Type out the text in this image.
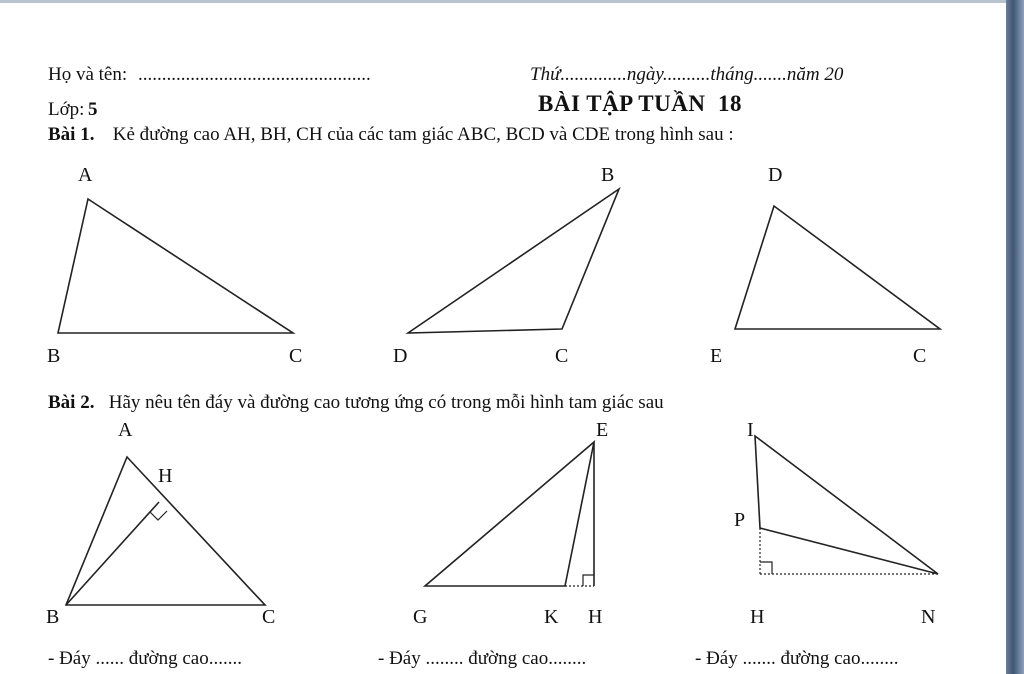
Họ và tên: .................................................	Thứ..............ngày..........tháng.......năm 20
Lớp: 5	BÀI TẬP TUẦN  18
Bài 1. Kẻ đường cao AH, BH, CH của các tam giác ABC, BCD và CDE trong hình sau :
Bài 2. Hãy nêu tên đáy và đường cao tương ứng có trong mỗi hình tam giác sau
- Đáy ...... đường cao.......	- Đáy ........ đường cao........	- Đáy ....... đường cao........
A
B	C
B
D	C
D
E	C
A
H
B	C
E
G	K H
I
P
H	N
